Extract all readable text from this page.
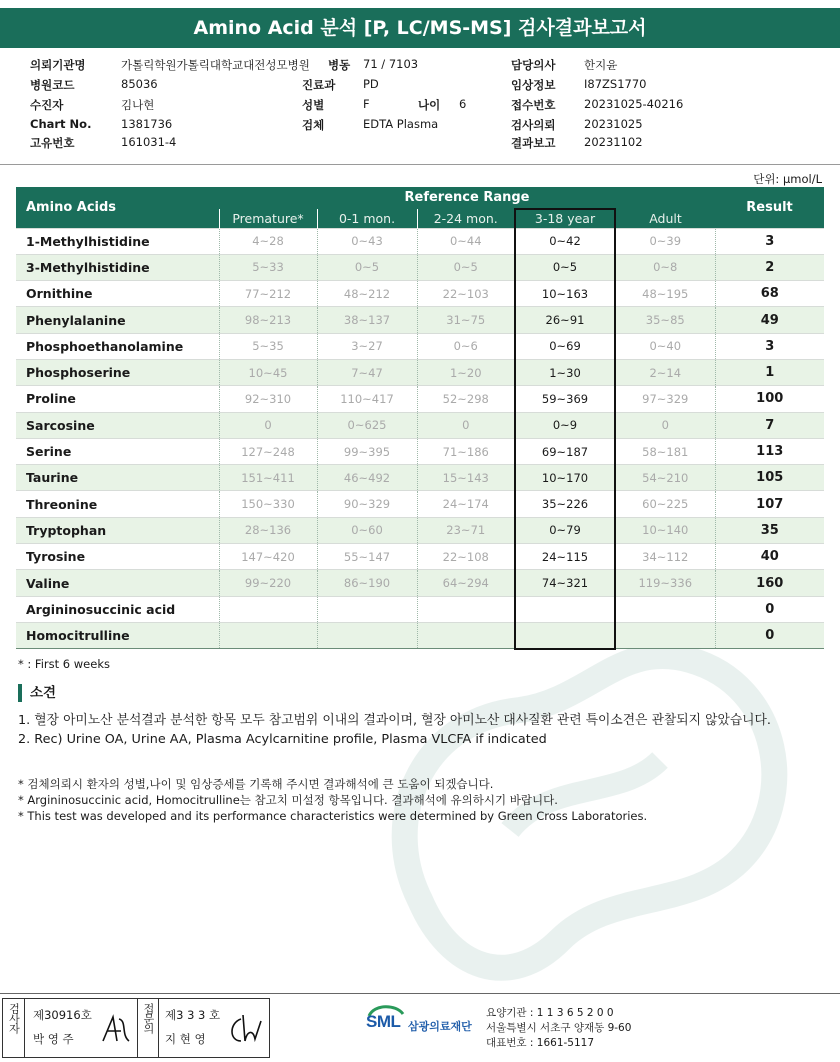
Amino Acid 분석 [P, LC/MS-MS] 검사결과보고서
의뢰기관명	가톨릭학원가톨릭대학교대전성모병원 병동 71 / 7103	담당의사 한지윤
병원코드	85036	진료과 PD	임상정보 I87ZS1770
수진자	김나현	성별	F	나이 6	접수번호 20231025-40216
Chart No.	1381736	검체	EDTA Plasma	검사의뢰 20231025
고유번호	161031-4	결과보고 20231102
단위: μmol/L
Amino Acids	Reference Range					Result
	Premature*	0-1 mon.	2-24 mon.	3-18 year	Adult	
1-Methylhistidine	4~28	0~43	0~44	0~42	0~39	3
3-Methylhistidine	5~33	0~5	0~5	0~5	0~8	2
Ornithine	77~212	48~212	22~103	10~163	48~195	68
Phenylalanine	98~213	38~137	31~75	26~91	35~85	49
Phosphoethanolamine	5~35	3~27	0~6	0~69	0~40	3
Phosphoserine	10~45	7~47	1~20	1~30	2~14	1
Proline	92~310	110~417	52~298	59~369	97~329	100
Sarcosine	0	0~625	0	0~9	0	7
Serine	127~248	99~395	71~186	69~187	58~181	113
Taurine	151~411	46~492	15~143	10~170	54~210	105
Threonine	150~330	90~329	24~174	35~226	60~225	107
Tryptophan	28~136	0~60	23~71	0~79	10~140	35
Tyrosine	147~420	55~147	22~108	24~115	34~112	40
Valine	99~220	86~190	64~294	74~321	119~336	160
Argininosuccinic acid						0
Homocitrulline						0
* : First 6 weeks
소견
1. 혈장 아미노산 분석결과 분석한 항목 모두 참고범위 이내의 결과이며, 혈장 아미노산 대사질환 관련 특이소견은 관찰되지 않았습니다.
2. Rec) Urine OA, Urine AA, Plasma Acylcarnitine profile, Plasma VLCFA if indicated
* 검체의뢰시 환자의 성별,나이 및 임상증세를 기록해 주시면 결과해석에 큰 도움이 되겠습니다.
* Argininosuccinic acid, Homocitrulline는 참고치 미설정 항목입니다. 결과해석에 유의하시기 바랍니다.
* This test was developed and its performance characteristics were determined by Green Cross Laboratories.
검사자	제30916호
박 영 주
접문의 제3 3 3 호
지 현 영
SML 삼광의료재단
요양기관 : 1 1 3 6 5 2 0 0
서울특별시 서초구 양재동 9-60
대표번호 : 1661-5117
